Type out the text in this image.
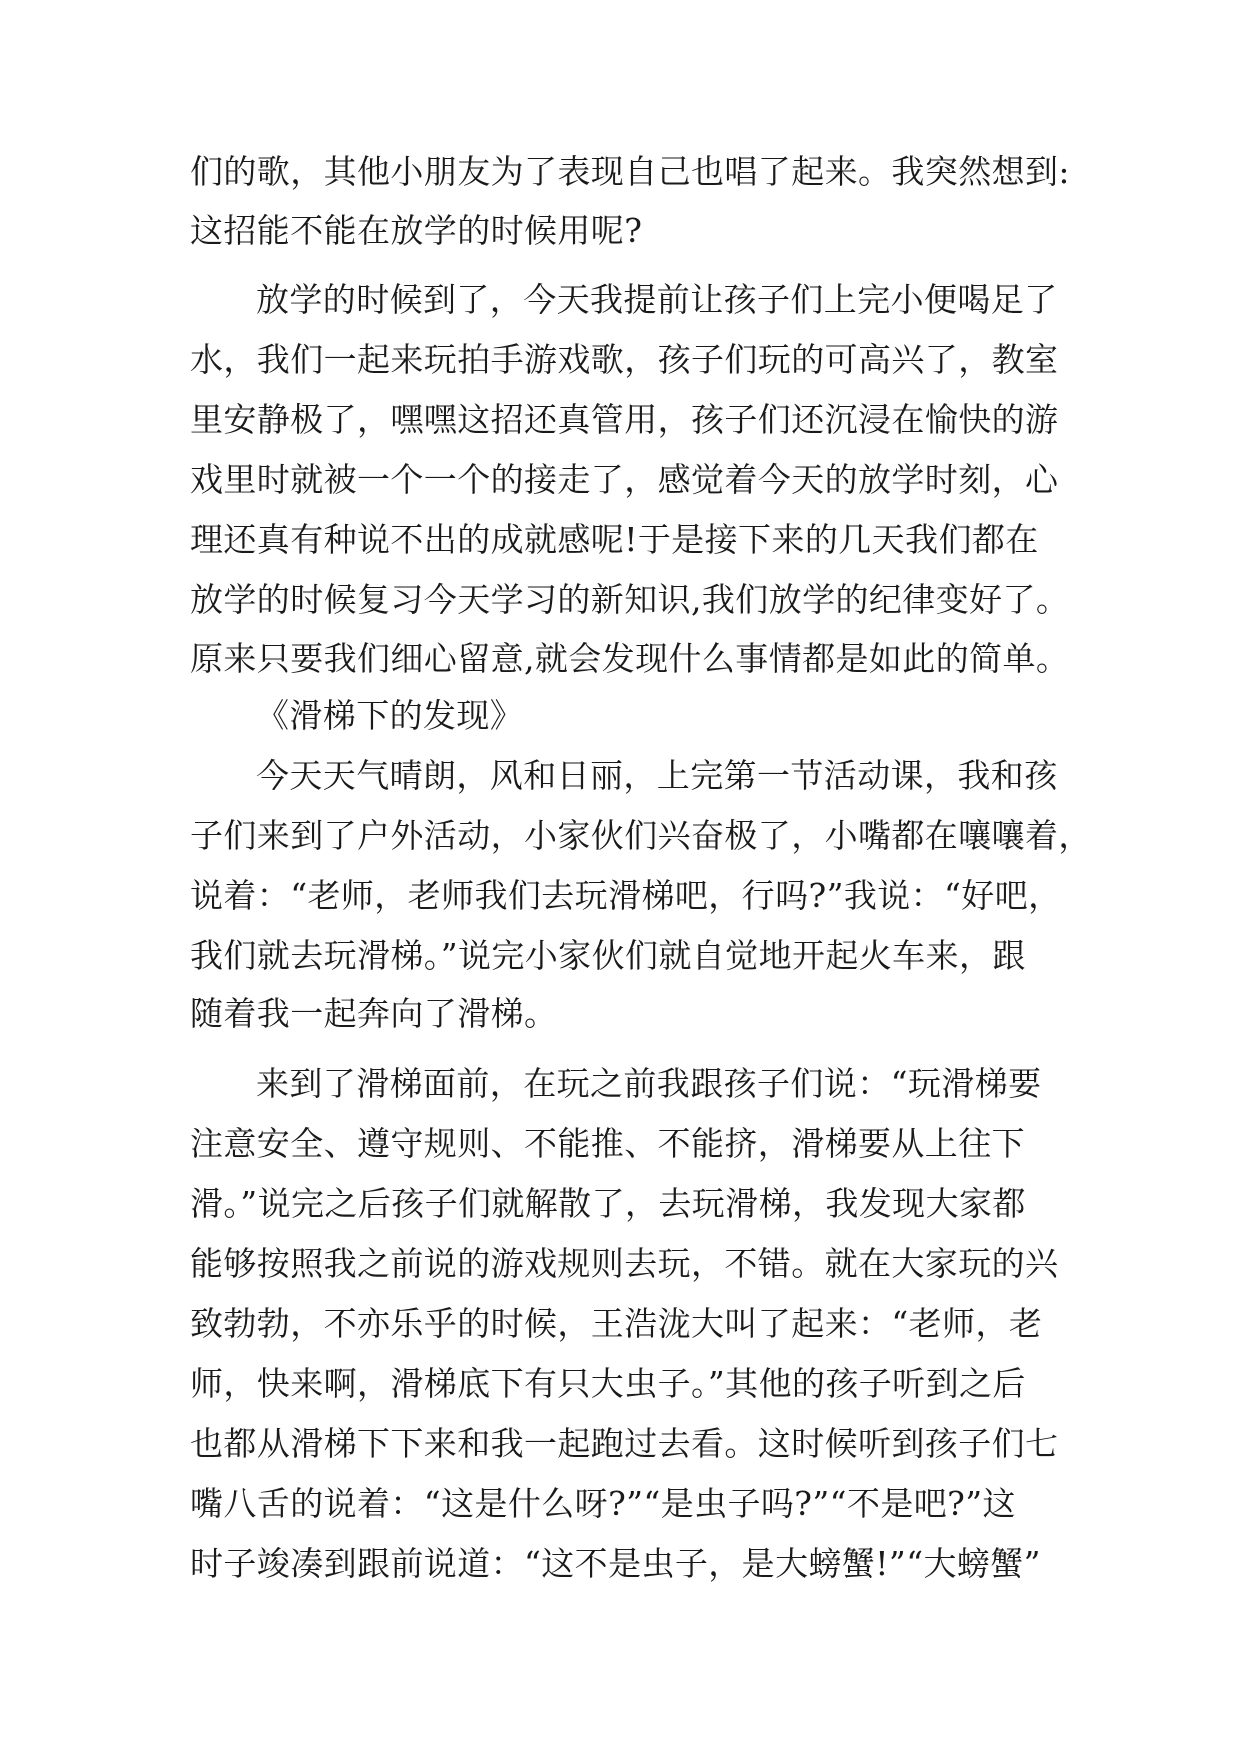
们的歌，其他小朋友为了表现自己也唱了起来。我突然想到:
这招能不能在放学的时候用呢?
放学的时候到了，今天我提前让孩子们上完小便喝足了
水，我们一起来玩拍手游戏歌，孩子们玩的可高兴了，教室
里安静极了，嘿嘿这招还真管用，孩子们还沉浸在愉快的游
戏里时就被一个一个的接走了，感觉着今天的放学时刻，心
理还真有种说不出的成就感呢!于是接下来的几天我们都在
放学的时候复习今天学习的新知识,我们放学的纪律变好了。
原来只要我们细心留意,就会发现什么事情都是如此的简单。
《滑梯下的发现》
今天天气晴朗，风和日丽，上完第一节活动课，我和孩
子们来到了户外活动，小家伙们兴奋极了，小嘴都在嚷嚷着，
说着：“老师，老师我们去玩滑梯吧，行吗?”我说：“好吧，
我们就去玩滑梯。”说完小家伙们就自觉地开起火车来，跟
随着我一起奔向了滑梯。
来到了滑梯面前，在玩之前我跟孩子们说：“玩滑梯要
注意安全、遵守规则、不能推、不能挤，滑梯要从上往下
滑。”说完之后孩子们就解散了，去玩滑梯，我发现大家都
能够按照我之前说的游戏规则去玩，不错。就在大家玩的兴
致勃勃，不亦乐乎的时候，王浩泷大叫了起来：“老师，老
师，快来啊，滑梯底下有只大虫子。”其他的孩子听到之后
也都从滑梯下下来和我一起跑过去看。这时候听到孩子们七
嘴八舌的说着：“这是什么呀?”“是虫子吗?”“不是吧?”这
时子竣凑到跟前说道：“这不是虫子，是大螃蟹!”“大螃蟹”
